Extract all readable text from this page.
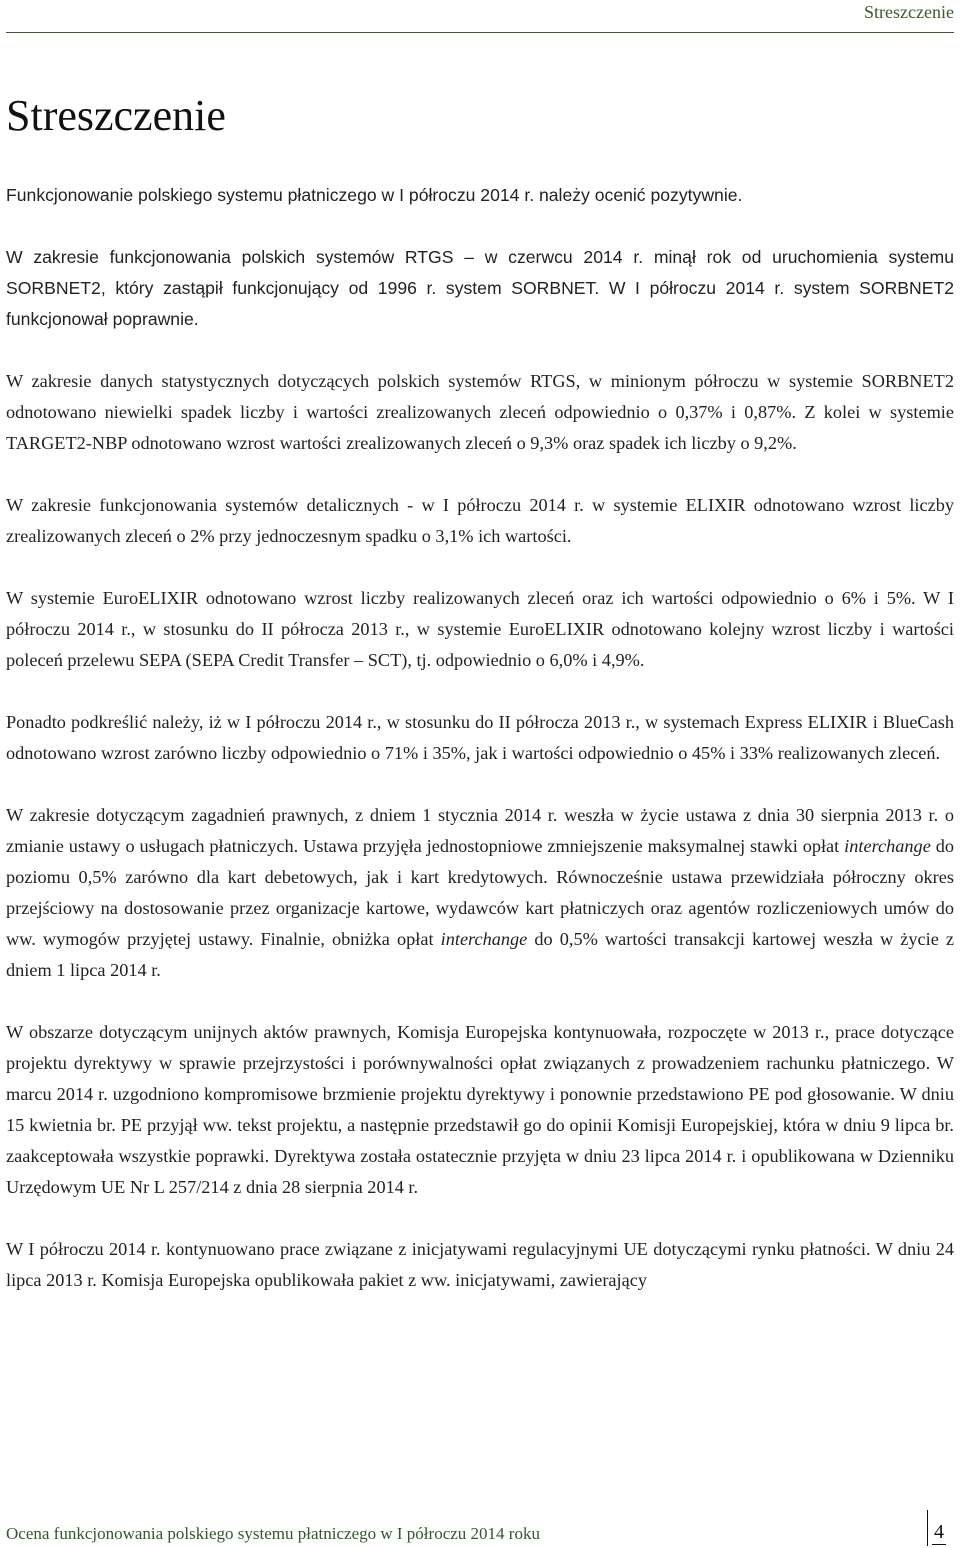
Streszczenie
Streszczenie

Funkcjonowanie polskiego systemu płatniczego w I półroczu 2014 r. należy ocenić pozytywnie.

W zakresie funkcjonowania polskich systemów RTGS – w czerwcu 2014 r. minął rok od uruchomienia systemu SORBNET2, który zastąpił funkcjonujący od 1996 r. system SORBNET. W I półroczu 2014 r. system SORBNET2 funkcjonował poprawnie.

W zakresie danych statystycznych dotyczących polskich systemów RTGS, w minionym półroczu w systemie SORBNET2 odnotowano niewielki spadek liczby i wartości zrealizowanych zleceń odpowiednio o 0,37% i 0,87%. Z kolei w systemie TARGET2-NBP odnotowano wzrost wartości zrealizowanych zleceń o 9,3% oraz spadek ich liczby o 9,2%.

W zakresie funkcjonowania systemów detalicznych - w I półroczu 2014 r. w systemie ELIXIR odnotowano wzrost liczby zrealizowanych zleceń o 2% przy jednoczesnym spadku o 3,1% ich wartości.

W systemie EuroELIXIR odnotowano wzrost liczby realizowanych zleceń oraz ich wartości odpowiednio o 6% i 5%. W I półroczu 2014 r., w stosunku do II półrocza 2013 r., w systemie EuroELIXIR odnotowano kolejny wzrost liczby i wartości poleceń przelewu SEPA (SEPA Credit Transfer – SCT), tj. odpowiednio o 6,0% i 4,9%.

Ponadto podkreślić należy, iż w I półroczu 2014 r., w stosunku do II półrocza 2013 r., w systemach Express ELIXIR i BlueCash odnotowano wzrost zarówno liczby odpowiednio o 71% i 35%, jak i wartości odpowiednio o 45% i 33% realizowanych zleceń.

W zakresie dotyczącym zagadnień prawnych, z dniem 1 stycznia 2014 r. weszła w życie ustawa z dnia 30 sierpnia 2013 r. o zmianie ustawy o usługach płatniczych. Ustawa przyjęła jednostopniowe zmniejszenie maksymalnej stawki opłat interchange do poziomu 0,5% zarówno dla kart debetowych, jak i kart kredytowych. Równocześnie ustawa przewidziała półroczny okres przejściowy na dostosowanie przez organizacje kartowe, wydawców kart płatniczych oraz agentów rozliczeniowych umów do ww. wymogów przyjętej ustawy. Finalnie, obniżka opłat interchange do 0,5% wartości transakcji kartowej weszła w życie z dniem 1 lipca 2014 r.

W obszarze dotyczącym unijnych aktów prawnych, Komisja Europejska kontynuowała, rozpoczęte w 2013 r., prace dotyczące projektu dyrektywy w sprawie przejrzystości i porównywalności opłat związanych z prowadzeniem rachunku płatniczego. W marcu 2014 r. uzgodniono kompromisowe brzmienie projektu dyrektywy i ponownie przedstawiono PE pod głosowanie. W dniu 15 kwietnia br. PE przyjął ww. tekst projektu, a następnie przedstawił go do opinii Komisji Europejskiej, która w dniu 9 lipca br. zaakceptowała wszystkie poprawki. Dyrektywa została ostatecznie przyjęta w dniu 23 lipca 2014 r. i opublikowana w Dzienniku Urzędowym UE Nr L 257/214 z dnia 28 sierpnia 2014 r.

W I półroczu 2014 r. kontynuowano prace związane z inicjatywami regulacyjnymi UE dotyczącymi rynku płatności. W dniu 24 lipca 2013 r. Komisja Europejska opublikowała pakiet z ww. inicjatywami, zawierający

Ocena funkcjonowania polskiego systemu płatniczego w I półroczu 2014 roku	4
